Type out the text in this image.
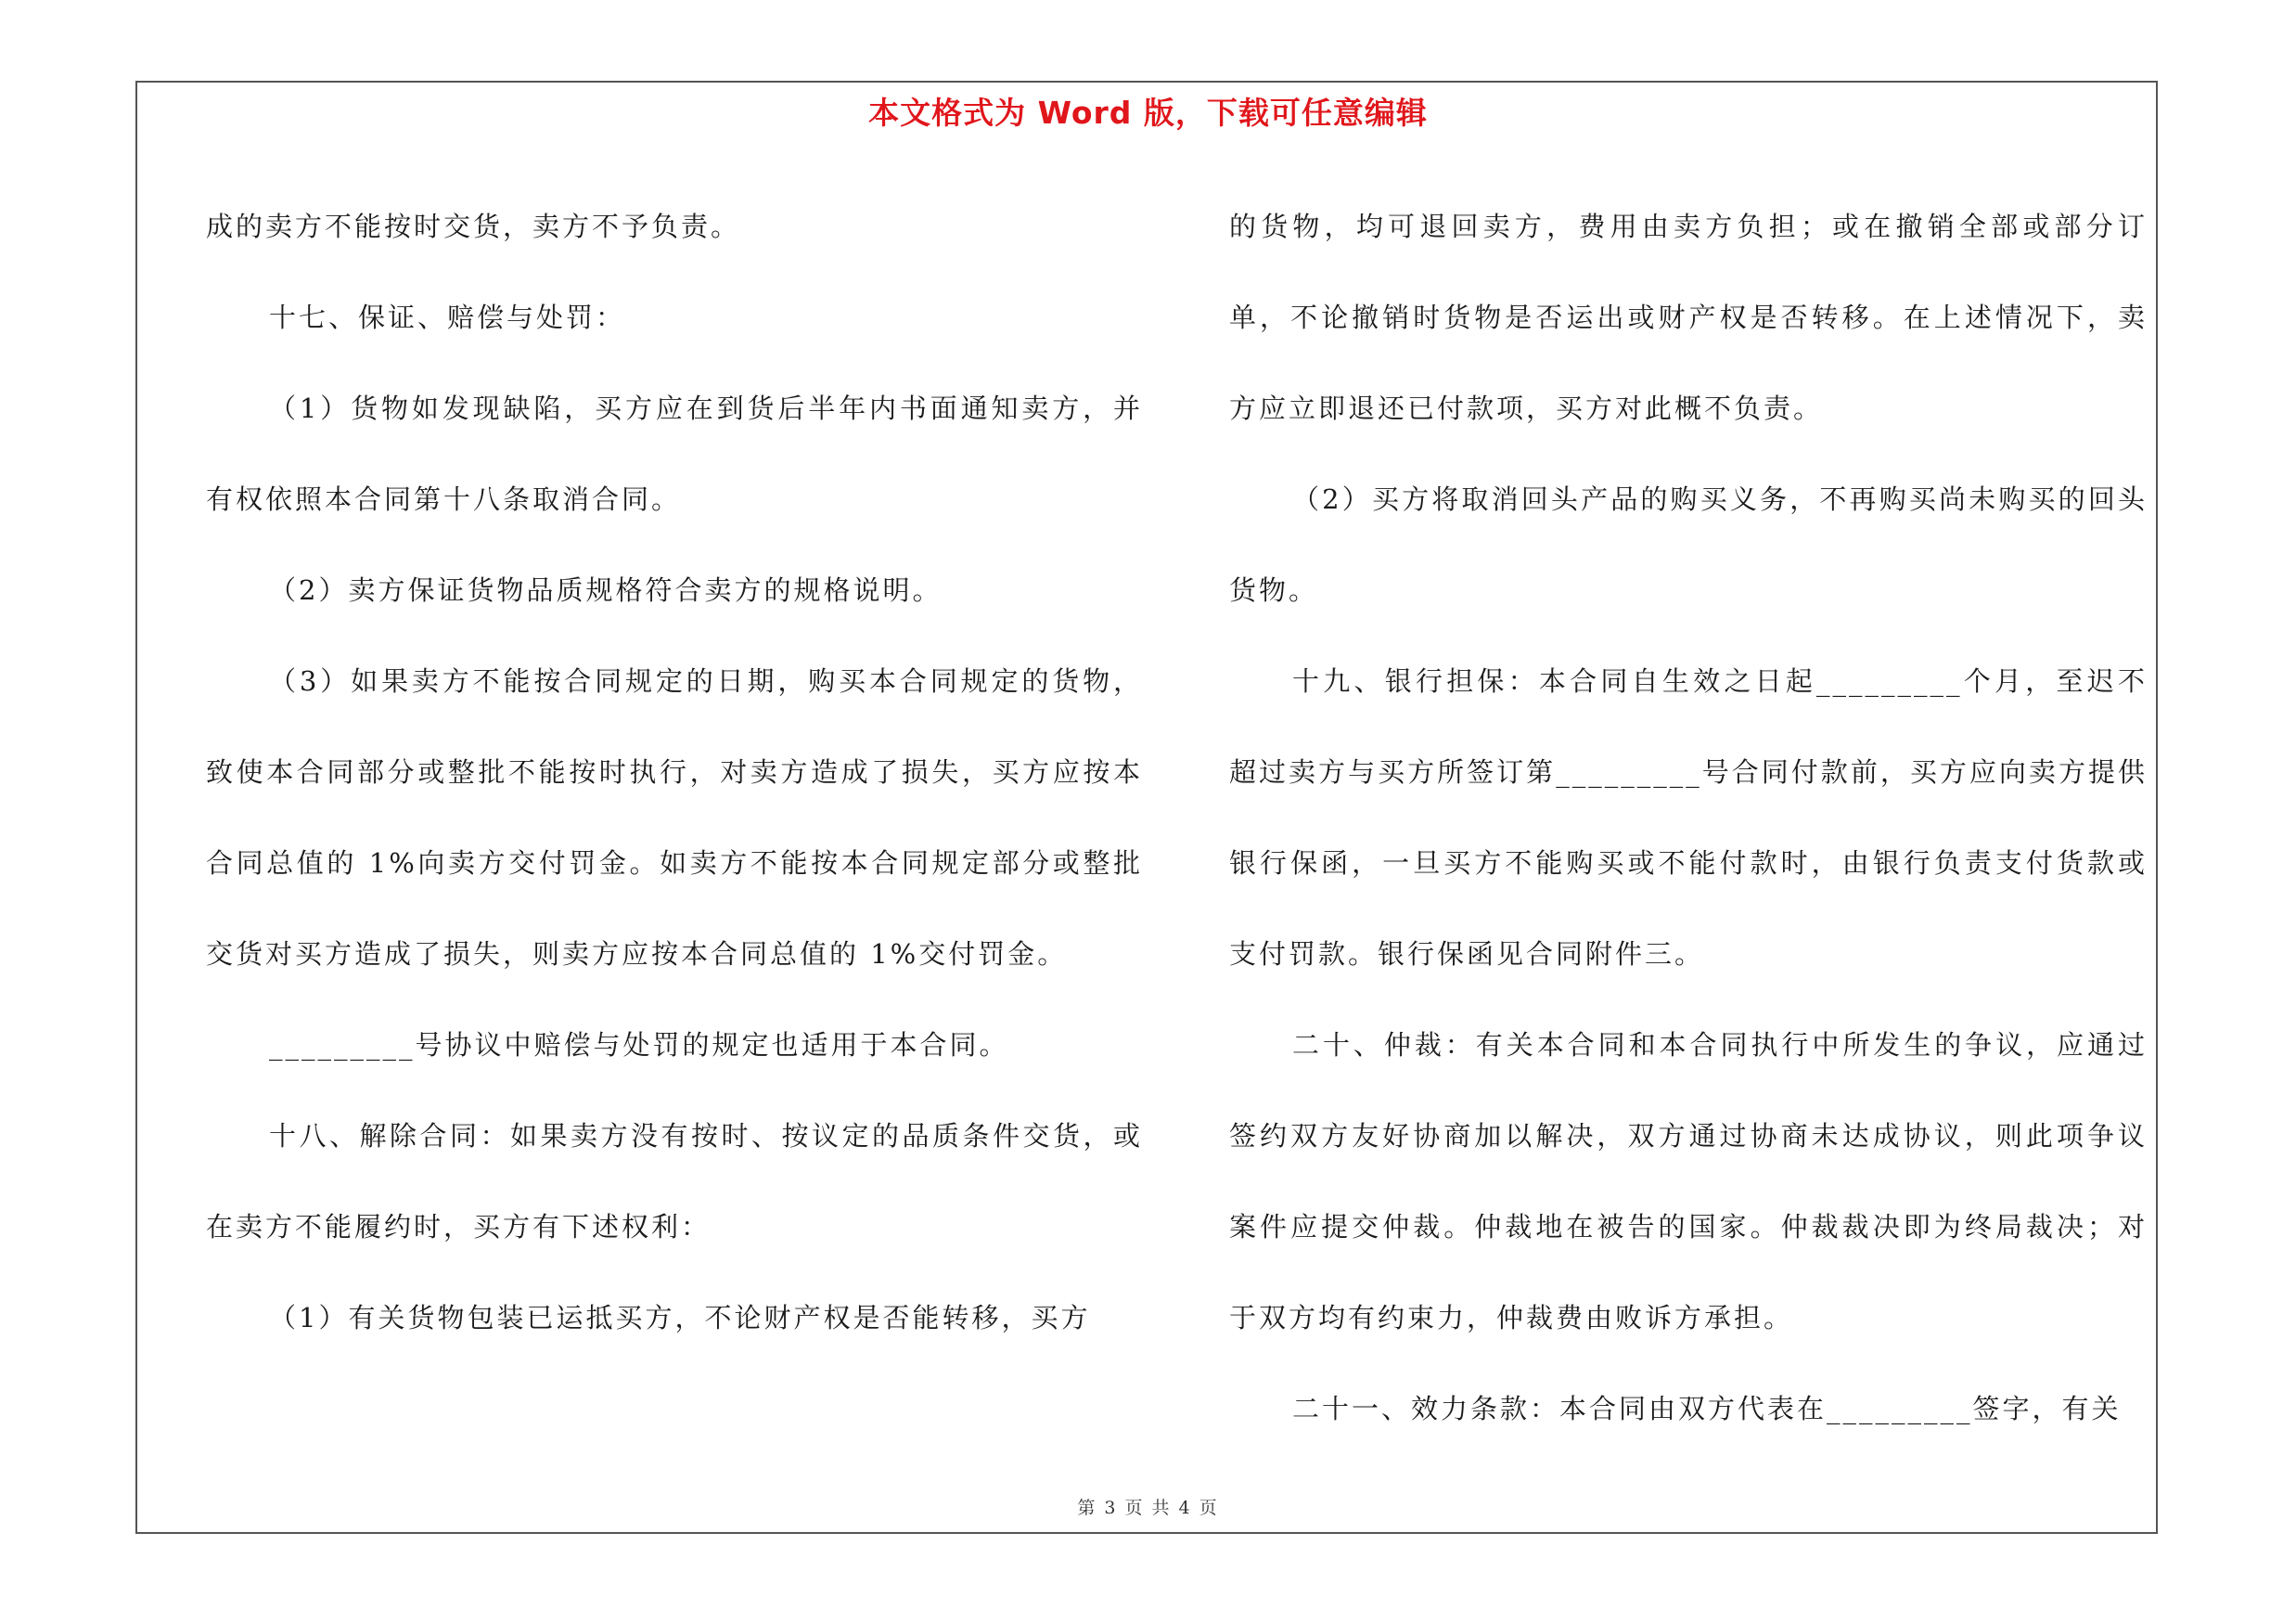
本文格式为 Word 版，下载可任意编辑

成的卖方不能按时交货，卖方不予负责。

十七、保证、赔偿与处罚：

（1）货物如发现缺陷，买方应在到货后半年内书面通知卖方，并有权依照本合同第十八条取消合同。

（2）卖方保证货物品质规格符合卖方的规格说明。

（3）如果卖方不能按合同规定的日期，购买本合同规定的货物，致使本合同部分或整批不能按时执行，对卖方造成了损失，买方应按本合同总值的 1%向卖方交付罚金。如卖方不能按本合同规定部分或整批交货对买方造成了损失，则卖方应按本合同总值的 1%交付罚金。

_________号协议中赔偿与处罚的规定也适用于本合同。

十八、解除合同：如果卖方没有按时、按议定的品质条件交货，或在卖方不能履约时，买方有下述权利：

（1）有关货物包装已运抵买方，不论财产权是否能转移，买方

的货物，均可退回卖方，费用由卖方负担；或在撤销全部或部分订单，不论撤销时货物是否运出或财产权是否转移。在上述情况下，卖方应立即退还已付款项，买方对此概不负责。

（2）买方将取消回头产品的购买义务，不再购买尚未购买的回头货物。

十九、银行担保：本合同自生效之日起_________个月，至迟不超过卖方与买方所签订第_________号合同付款前，买方应向卖方提供银行保函，一旦买方不能购买或不能付款时，由银行负责支付货款或支付罚款。银行保函见合同附件三。

二十、仲裁：有关本合同和本合同执行中所发生的争议，应通过签约双方友好协商加以解决，双方通过协商未达成协议，则此项争议案件应提交仲裁。仲裁地在被告的国家。仲裁裁决即为终局裁决；对于双方均有约束力，仲裁费由败诉方承担。

二十一、效力条款：本合同由双方代表在_________签字，有关

第 3 页 共 4 页
